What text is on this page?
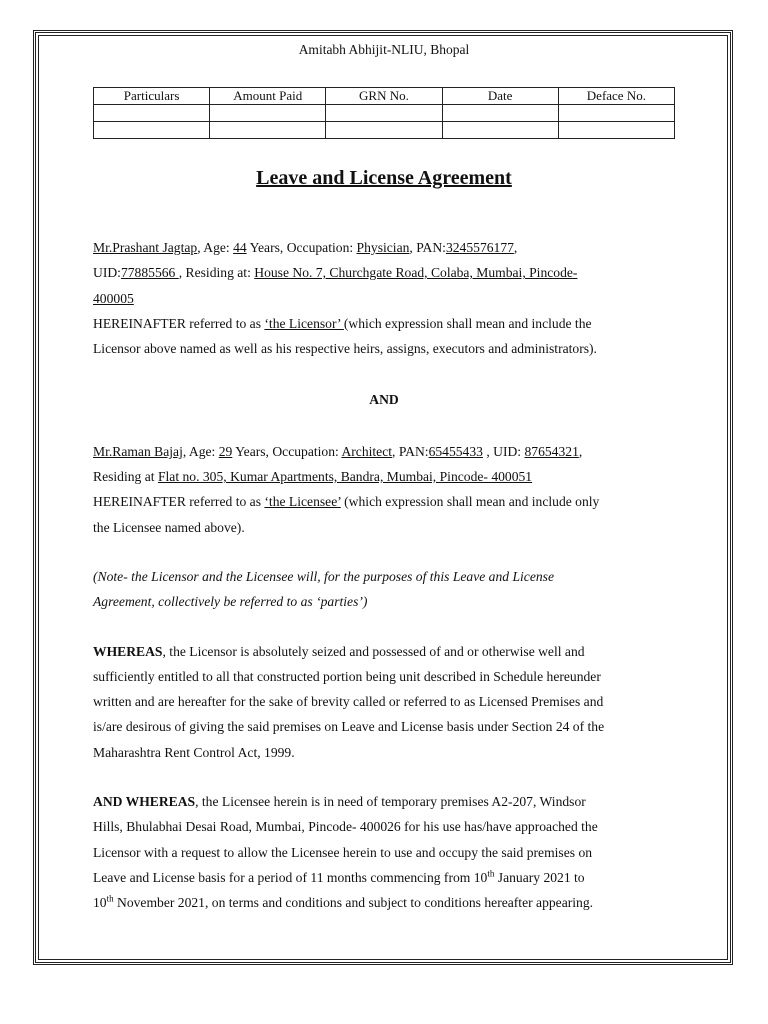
Amitabh Abhijit-NLIU, Bhopal
Particulars	Amount Paid	GRN No.	Date	Deface No.

Leave and License Agreement

Mr.Prashant Jagtap, Age: 44 Years, Occupation: Physician, PAN:3245576177,

UID:77885566 , Residing at: House No. 7, Churchgate Road, Colaba, Mumbai, Pincode-

400005

HEREINAFTER referred to as ‘the Licensor’ (which expression shall mean and include the

Licensor above named as well as his respective heirs, assigns, executors and administrators).

AND

Mr.Raman Bajaj, Age: 29 Years, Occupation: Architect, PAN:65455433 , UID: 87654321,

Residing at Flat no. 305, Kumar Apartments, Bandra, Mumbai, Pincode- 400051

HEREINAFTER referred to as ‘the Licensee’ (which expression shall mean and include only

the Licensee named above).

(Note- the Licensor and the Licensee will, for the purposes of this Leave and License

Agreement, collectively be referred to as ‘parties’)

WHEREAS, the Licensor is absolutely seized and possessed of and or otherwise well and

sufficiently entitled to all that constructed portion being unit described in Schedule hereunder

written and are hereafter for the sake of brevity called or referred to as Licensed Premises and

is/are desirous of giving the said premises on Leave and License basis under Section 24 of the

Maharashtra Rent Control Act, 1999.

AND WHEREAS, the Licensee herein is in need of temporary premises A2-207, Windsor

Hills, Bhulabhai Desai Road, Mumbai, Pincode- 400026 for his use has/have approached the

Licensor with a request to allow the Licensee herein to use and occupy the said premises on

Leave and License basis for a period of 11 months commencing from 10th January 2021 to

10th November 2021, on terms and conditions and subject to conditions hereafter appearing.
